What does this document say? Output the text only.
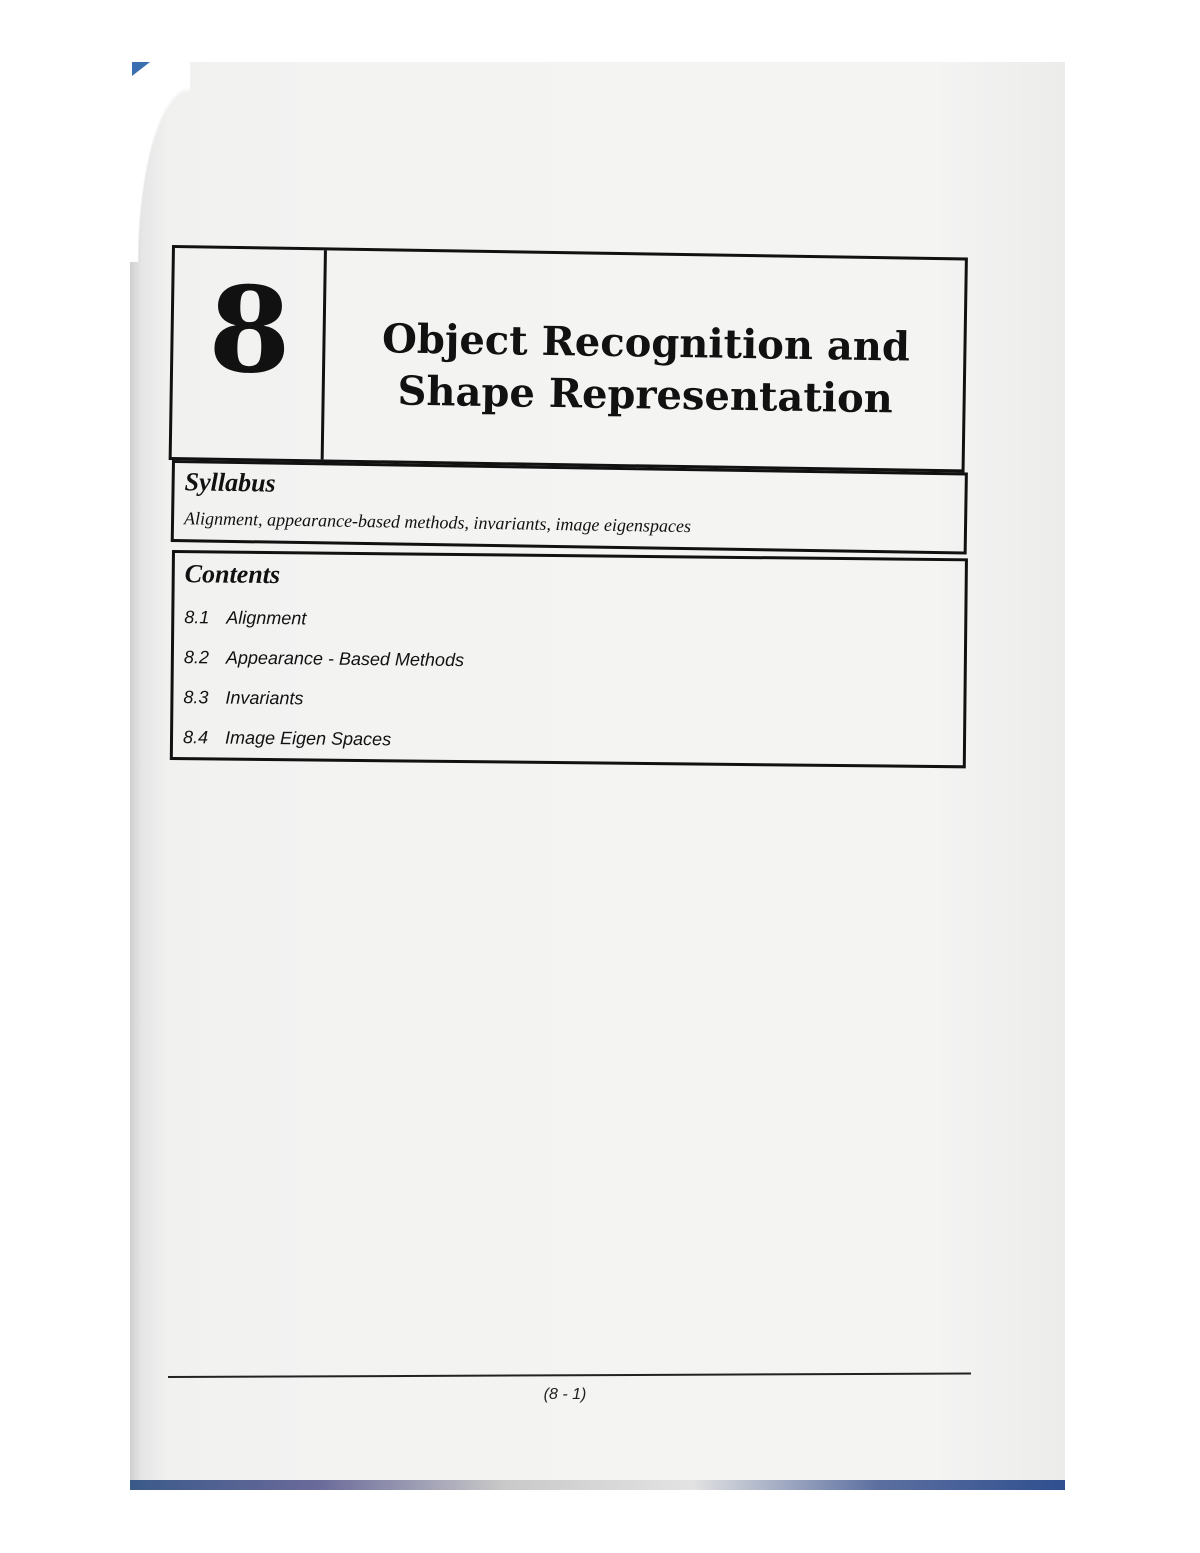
8	Object Recognition and
Shape Representation
Syllabus
Alignment, appearance-based methods, invariants, image eigenspaces
Contents
8.1 Alignment
8.2 Appearance - Based Methods
8.3 Invariants
8.4 Image Eigen Spaces
(8 - 1)
